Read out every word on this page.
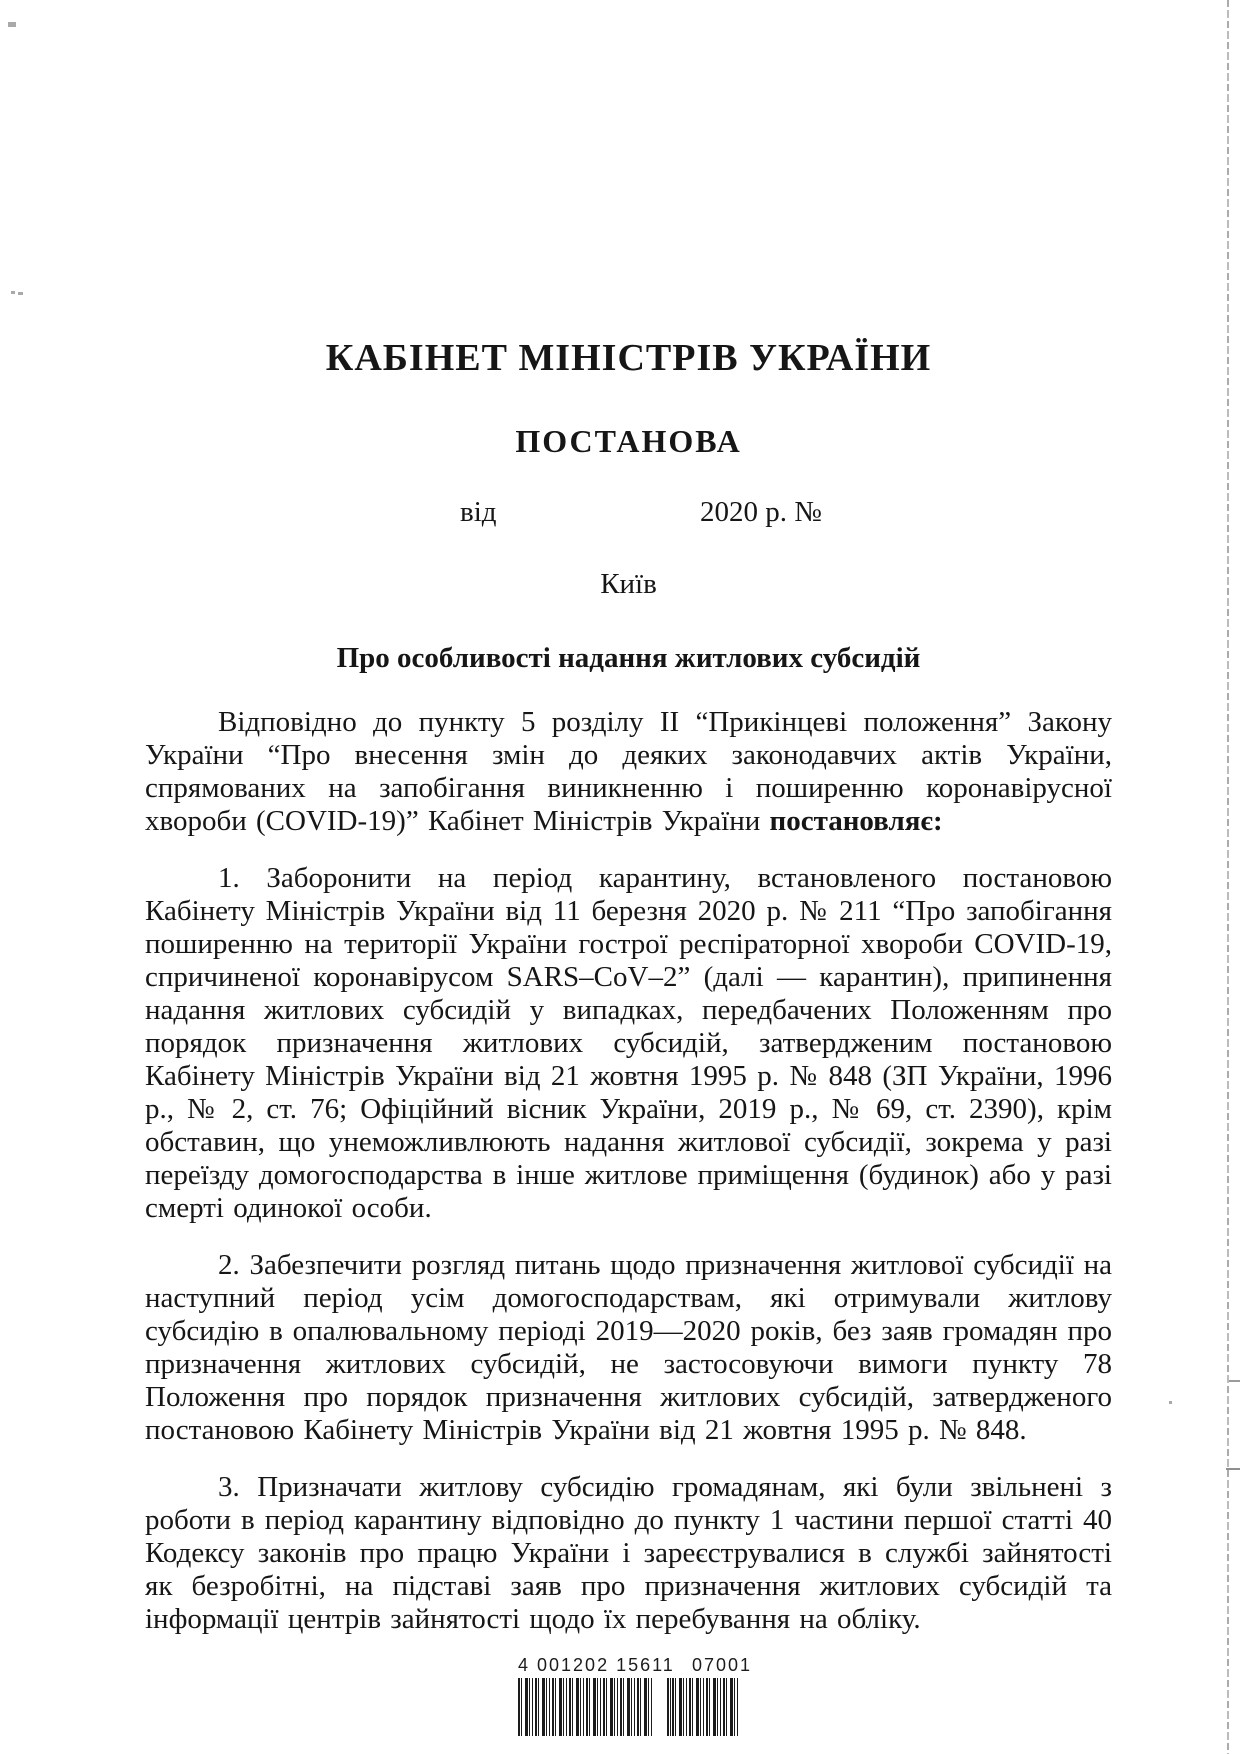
КАБІНЕТ МІНІСТРІВ УКРАЇНИ
ПОСТАНОВА
від	2020 р. №
Київ
Про особливості надання житлових субсидій

Відповідно до пункту 5 розділу II “Прикінцеві положення” Закону України “Про внесення змін до деяких законодавчих актів України, спрямованих на запобігання виникненню і поширенню коронавірусної хвороби (COVID-19)” Кабінет Міністрів України постановляє:

1. Заборонити на період карантину, встановленого постановою Кабінету Міністрів України від 11 березня 2020 р. № 211 “Про запобігання поширенню на території України гострої респіраторної хвороби COVID-19, спричиненої коронавірусом SARS–CoV–2” (далі — карантин), припинення надання житлових субсидій у випадках, передбачених Положенням про порядок призначення житлових субсидій, затвердженим постановою Кабінету Міністрів України від 21 жовтня 1995 р. № 848 (ЗП України, 1996 р., № 2, ст. 76; Офіційний вісник України, 2019 р., № 69, ст. 2390), крім обставин, що унеможливлюють надання житлової субсидії, зокрема у разі переїзду домогосподарства в інше житлове приміщення (будинок) або у разі смерті одинокої особи.

2. Забезпечити розгляд питань щодо призначення житлової субсидії на наступний період усім домогосподарствам, які отримували житлову субсидію в опалювальному періоді 2019—2020 років, без заяв громадян про призначення житлових субсидій, не застосовуючи вимоги пункту 78 Положення про порядок призначення житлових субсидій, затвердженого постановою Кабінету Міністрів України від 21 жовтня 1995 р. № 848.

3. Призначати житлову субсидію громадянам, які були звільнені з роботи в період карантину відповідно до пункту 1 частини першої статті 40 Кодексу законів про працю України і зареєструвалися в службі зайнятості як безробітні, на підставі заяв про призначення житлових субсидій та інформації центрів зайнятості щодо їх перебування на обліку.

4 001202 15611 07001
